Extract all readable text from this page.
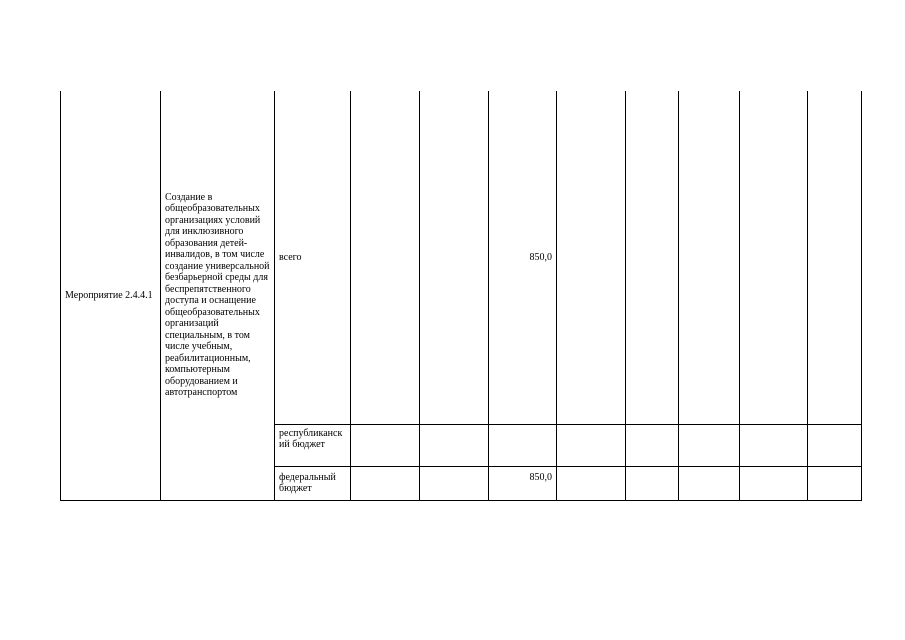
Мероприятие 2.4.4.1	Создание в общеобразовательных организациях условий для инклюзивного образования детей-инвалидов, в том числе создание универсальной безбарьерной среды для беспрепятственного доступа и оснащение общеобразовательных организаций специальным, в том числе учебным, реабилитационным, компьютерным оборудованием и автотранспортом	всего			850,0					
		республиканский бюджет								
		федеральный бюджет			850,0					
